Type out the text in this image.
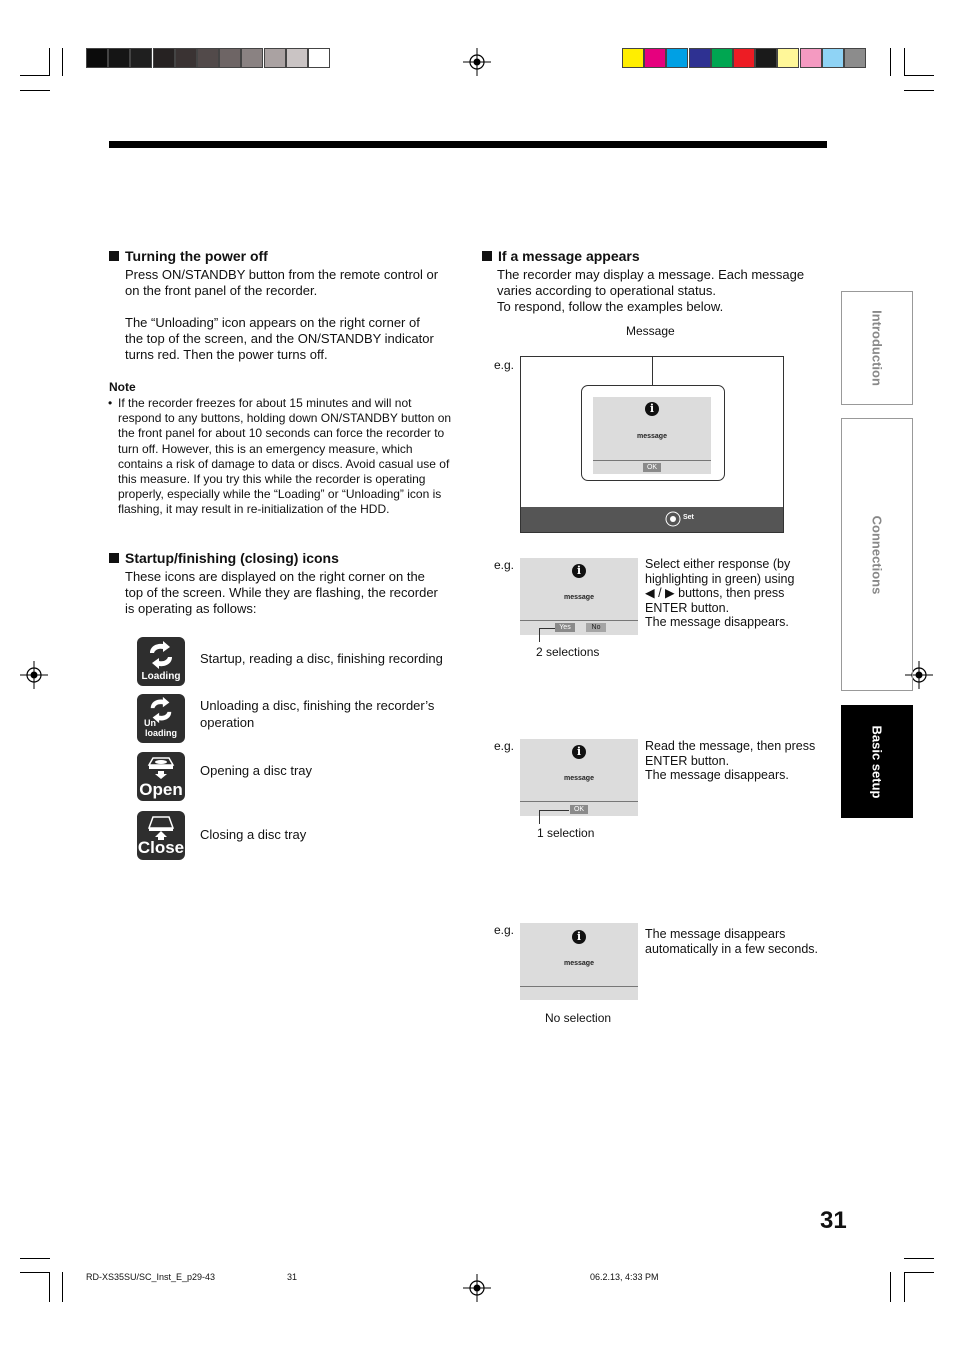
Turning the power off
Press ON/STANDBY button from the remote control or
on the front panel of the recorder.
The “Unloading” icon appears on the right corner of
the top of the screen, and the ON/STANDBY indicator
turns red. Then the power turns off.
Note
• If the recorder freezes for about 15 minutes and will not respond to any buttons, holding down ON/STANDBY button on the front panel for about 10 seconds can force the recorder to turn off. However, this is an emergency measure, which contains a risk of damage to data or discs. Avoid casual use of this measure. If you try this while the recorder is operating properly, especially while the “Loading” or “Unloading” icon is flashing, it may result in re-initialization of the HDD.
Startup/finishing (closing) icons
These icons are displayed on the right corner on the
top of the screen. While they are flashing, the recorder
is operating as follows:
Loading
Startup, reading a disc, finishing recording
Un
loading
Unloading a disc, finishing the recorder’s operation
Open
Opening a disc tray
Close
Closing a disc tray
If a message appears
The recorder may display a message. Each message
varies according to operational status.
To respond, follow the examples below.
Message
e.g.
i
message
OK
Set
e.g.	i
message
Yes	No
2 selections
Select either response (by
highlighting in green) using
◀ / ▶ buttons, then press
ENTER button.
The message disappears.
e.g.	i
message
OK
1 selection
Read the message, then press
ENTER button.
The message disappears.
e.g.	i
message
No selection
The message disappears
automatically in a few seconds.
Introduction
Connections
Basic setup
31
RD-XS35SU/SC_Inst_E_p29-43	31	06.2.13, 4:33 PM
